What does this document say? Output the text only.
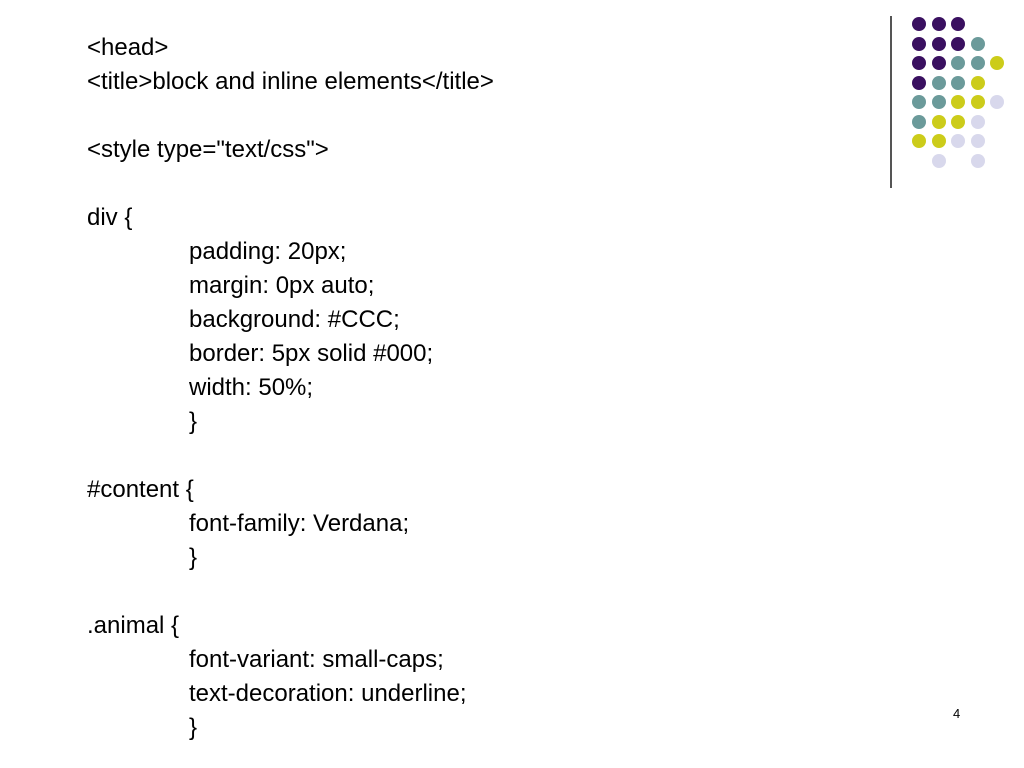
<head>
<title>block and inline elements</title>
<style type="text/css">
div {
padding: 20px;
margin: 0px auto;
background: #CCC;
border: 5px solid #000;
width: 50%;
}
#content {
font-family: Verdana;
}
.animal {
font-variant: small-caps;
text-decoration: underline;
}
4
